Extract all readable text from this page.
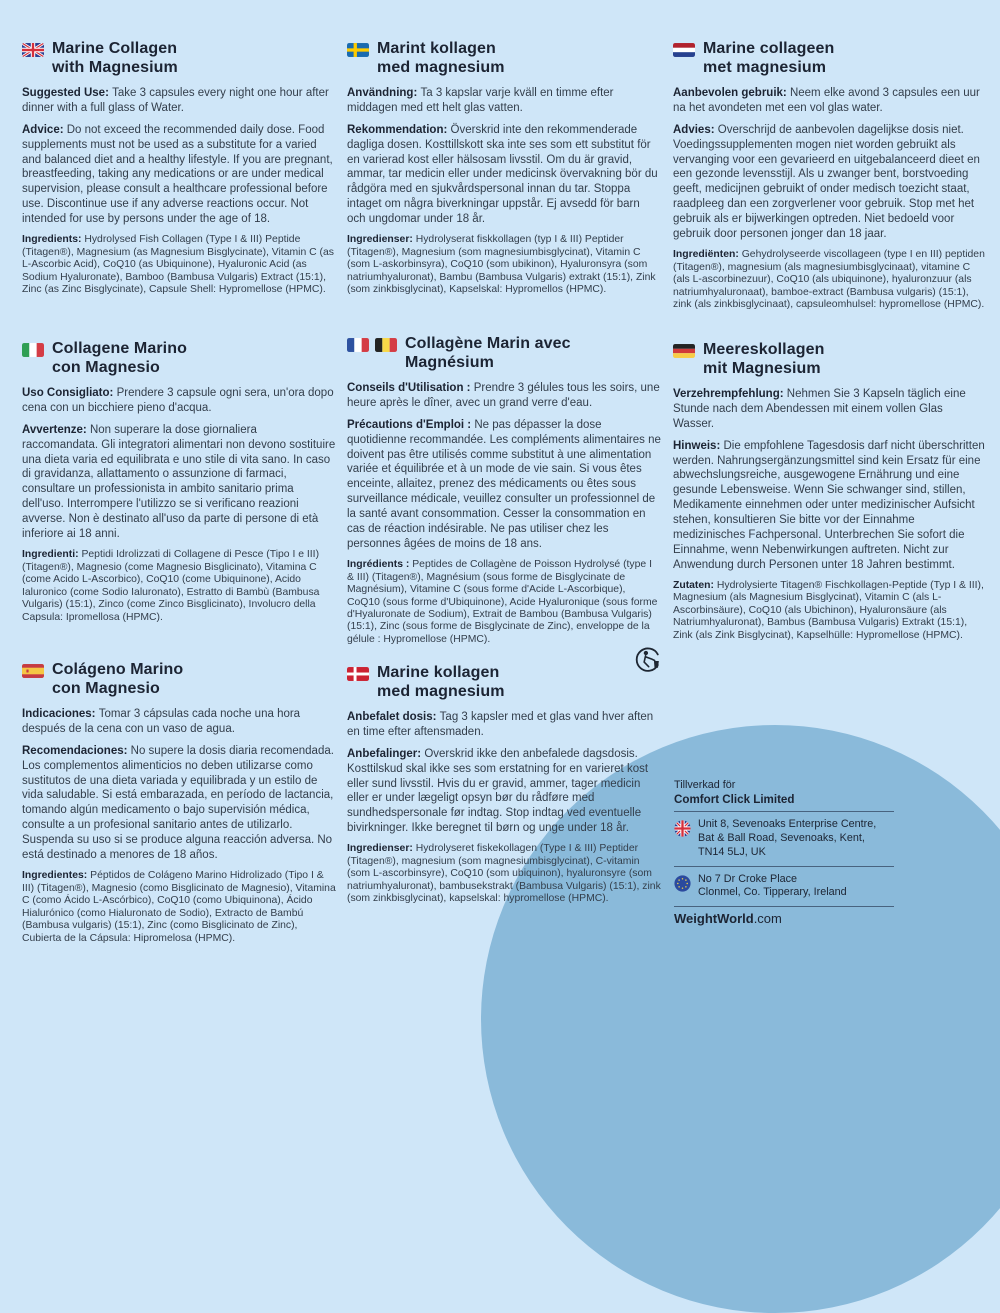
Marine Collagen
with Magnesium

Suggested Use: Take 3 capsules every night one hour after dinner with a full glass of Water.

Advice: Do not exceed the recommended daily dose. Food supplements must not be used as a substitute for a varied and balanced diet and a healthy lifestyle. If you are pregnant, breastfeeding, taking any medications or are under medical supervision, please consult a healthcare professional before use. Discontinue use if any adverse reactions occur. Not intended for use by persons under the age of 18.

Ingredients: Hydrolysed Fish Collagen (Type I & III) Peptide (Titagen®), Magnesium (as Magnesium Bisglycinate), Vitamin C (as L-Ascorbic Acid), CoQ10 (as Ubiquinone), Hyaluronic Acid (as Sodium Hyaluronate), Bamboo (Bambusa Vulgaris) Extract (15:1), Zinc (as Zinc Bisglycinate), Capsule Shell: Hypromellose (HPMC).

Marint kollagen
med magnesium

Användning: Ta 3 kapslar varje kväll en timme efter middagen med ett helt glas vatten.

Rekommendation: Överskrid inte den rekommenderade dagliga dosen. Kosttillskott ska inte ses som ett substitut för en varierad kost eller hälsosam livsstil. Om du är gravid, ammar, tar medicin eller under medicinsk övervakning bör du rådgöra med en sjukvårdspersonal innan du tar. Stoppa intaget om några biverkningar uppstår. Ej avsedd för barn och ungdomar under 18 år.

Ingredienser: Hydrolyserat fiskkollagen (typ I & III) Peptider (Titagen®), Magnesium (som magnesiumbisglycinat), Vitamin C (som L-askorbinsyra), CoQ10 (som ubikinon), Hyaluronsyra (som natriumhyaluronat), Bambu (Bambusa Vulgaris) extrakt (15:1), Zink (som zinkbisglycinat), Kapselskal: Hypromellos (HPMC).

Marine collageen
met magnesium

Aanbevolen gebruik: Neem elke avond 3 capsules een uur na het avondeten met een vol glas water.

Advies: Overschrijd de aanbevolen dagelijkse dosis niet. Voedingssupplementen mogen niet worden gebruikt als vervanging voor een gevarieerd en uitgebalanceerd dieet en een gezonde levensstijl. Als u zwanger bent, borstvoeding geeft, medicijnen gebruikt of onder medisch toezicht staat, raadpleeg dan een zorgverlener voor gebruik. Stop met het gebruik als er bijwerkingen optreden. Niet bedoeld voor gebruik door personen jonger dan 18 jaar.

Ingrediënten: Gehydrolyseerde viscollageen (type I en III) peptiden (Titagen®), magnesium (als magnesiumbisglycinaat), vitamine C (als L-ascorbinezuur), CoQ10 (als ubiquinone), hyaluronzuur (als natriumhyaluronaat), bamboe-extract (Bambusa vulgaris) (15:1), zink (als zinkbisglycinaat), capsuleomhulsel: hypromellose (HPMC).

Collagene Marino
con Magnesio

Uso Consigliato: Prendere 3 capsule ogni sera, un'ora dopo cena con un bicchiere pieno d'acqua.

Avvertenze: Non superare la dose giornaliera raccomandata. Gli integratori alimentari non devono sostituire una dieta varia ed equilibrata e uno stile di vita sano. In caso di gravidanza, allattamento o assunzione di farmaci, consultare un professionista in ambito sanitario prima dell'uso. Interrompere l'utilizzo se si verificano reazioni avverse. Non è destinato all'uso da parte di persone di età inferiore ai 18 anni.

Ingredienti: Peptidi Idrolizzati di Collagene di Pesce (Tipo I e III) (Titagen®), Magnesio (come Magnesio Bisglicinato), Vitamina C (come Acido L-Ascorbico), CoQ10 (come Ubiquinone), Acido Ialuronico (come Sodio Ialuronato), Estratto di Bambù (Bambusa Vulgaris) (15:1), Zinco (come Zinco Bisglicinato), Involucro della Capsula: Ipromellosa (HPMC).

Collagène Marin avec
Magnésium

Conseils d'Utilisation : Prendre 3 gélules tous les soirs, une heure après le dîner, avec un grand verre d'eau.

Précautions d'Emploi : Ne pas dépasser la dose quotidienne recommandée. Les compléments alimentaires ne doivent pas être utilisés comme substitut à une alimentation variée et équilibrée et à un mode de vie sain. Si vous êtes enceinte, allaitez, prenez des médicaments ou êtes sous surveillance médicale, veuillez consulter un professionnel de la santé avant consommation. Cesser la consommation en cas de réaction indésirable. Ne pas utiliser chez les personnes âgées de moins de 18 ans.

Ingrédients : Peptides de Collagène de Poisson Hydrolysé (type I & III) (Titagen®), Magnésium (sous forme de Bisglycinate de Magnésium), Vitamine C (sous forme d'Acide L-Ascorbique), CoQ10 (sous forme d'Ubiquinone), Acide Hyaluronique (sous forme d'Hyaluronate de Sodium), Extrait de Bambou (Bambusa Vulgaris) (15:1), Zinc (sous forme de Bisglycinate de Zinc), enveloppe de la gélule : Hypromellose (HPMC).

Meereskollagen
mit Magnesium

Verzehrempfehlung: Nehmen Sie 3 Kapseln täglich eine Stunde nach dem Abendessen mit einem vollen Glas Wasser.

Hinweis: Die empfohlene Tagesdosis darf nicht überschritten werden. Nahrungsergänzungsmittel sind kein Ersatz für eine abwechslungsreiche, ausgewogene Ernährung und eine gesunde Lebensweise. Wenn Sie schwanger sind, stillen, Medikamente einnehmen oder unter medizinischer Aufsicht stehen, konsultieren Sie bitte vor der Einnahme medizinisches Fachpersonal. Unterbrechen Sie sofort die Einnahme, wenn Nebenwirkungen auftreten. Nicht zur Anwendung durch Personen unter 18 Jahren bestimmt.

Zutaten: Hydrolysierte Titagen® Fischkollagen-Peptide (Typ I & III), Magnesium (als Magnesium Bisglycinat), Vitamin C (als L-Ascorbinsäure), CoQ10 (als Ubichinon), Hyaluronsäure (als Natriumhyaluronat), Bambus (Bambusa Vulgaris) Extrakt (15:1), Zink (als Zink Bisglycinat), Kapselhülle: Hypromellose (HPMC).

Colágeno Marino
con Magnesio

Indicaciones: Tomar 3 cápsulas cada noche una hora después de la cena con un vaso de agua.

Recomendaciones: No supere la dosis diaria recomendada. Los complementos alimenticios no deben utilizarse como sustitutos de una dieta variada y equilibrada y un estilo de vida saludable. Si está embarazada, en período de lactancia, tomando algún medicamento o bajo supervisión médica, consulte a un profesional sanitario antes de utilizarlo. Suspenda su uso si se produce alguna reacción adversa. No está destinado a menores de 18 años.

Ingredientes: Péptidos de Colágeno Marino Hidrolizado (Tipo I & III) (Titagen®), Magnesio (como Bisglicinato de Magnesio), Vitamina C (como Ácido L-Ascórbico), CoQ10 (como Ubiquinona), Ácido Hialurónico (como Hialuronato de Sodio), Extracto de Bambú (Bambusa vulgaris) (15:1), Zinc (como Bisglicinato de Zinc), Cubierta de la Cápsula: Hipromelosa (HPMC).

Marine kollagen
med magnesium

Anbefalet dosis: Tag 3 kapsler med et glas vand hver aften en time efter aftensmaden.

Anbefalinger: Overskrid ikke den anbefalede dagsdosis. Kosttilskud skal ikke ses som erstatning for en varieret kost eller sund livsstil. Hvis du er gravid, ammer, tager medicin eller er under lægeligt opsyn bør du rådføre med sundhedspersonale før indtag. Stop indtag ved eventuelle bivirkninger. Ikke beregnet til børn og unge under 18 år.

Ingredienser: Hydrolyseret fiskekollagen (Type I & III) Peptider (Titagen®), magnesium (som magnesiumbisglycinat), C-vitamin (som L-ascorbinsyre), CoQ10 (som ubiquinon), hyaluronsyre (som natriumhyaluronat), bambusekstrakt (Bambusa Vulgaris) (15:1), zink (som zinkbisglycinat), kapselskal: hypromellose (HPMC).

Tillverkad för

Comfort Click Limited

Unit 8, Sevenoaks Enterprise Centre,
Bat & Ball Road, Sevenoaks, Kent,
TN14 5LJ, UK

No 7 Dr Croke Place
Clonmel, Co. Tipperary, Ireland

WeightWorld.com
